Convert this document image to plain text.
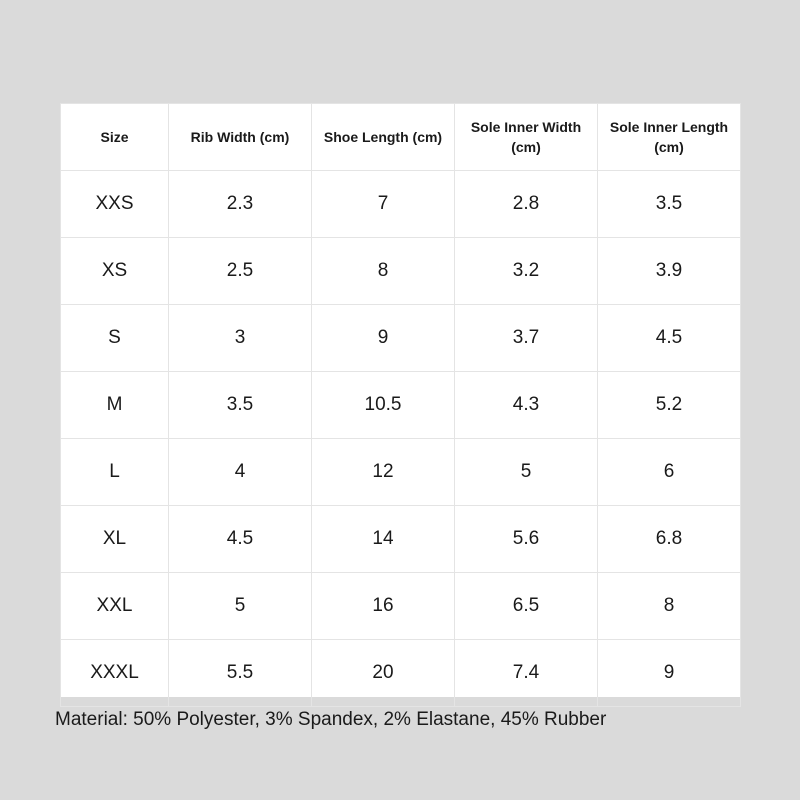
Size	Rib Width (cm)	Shoe Length (cm)	Sole Inner Width (cm)	Sole Inner Length (cm)
XXS	2.3	7	2.8	3.5
XS	2.5	8	3.2	3.9
S	3	9	3.7	4.5
M	3.5	10.5	4.3	5.2
L	4	12	5	6
XL	4.5	14	5.6	6.8
XXL	5	16	6.5	8
XXXL	5.5	20	7.4	9
Material: 50% Polyester, 3% Spandex, 2% Elastane, 45% Rubber
